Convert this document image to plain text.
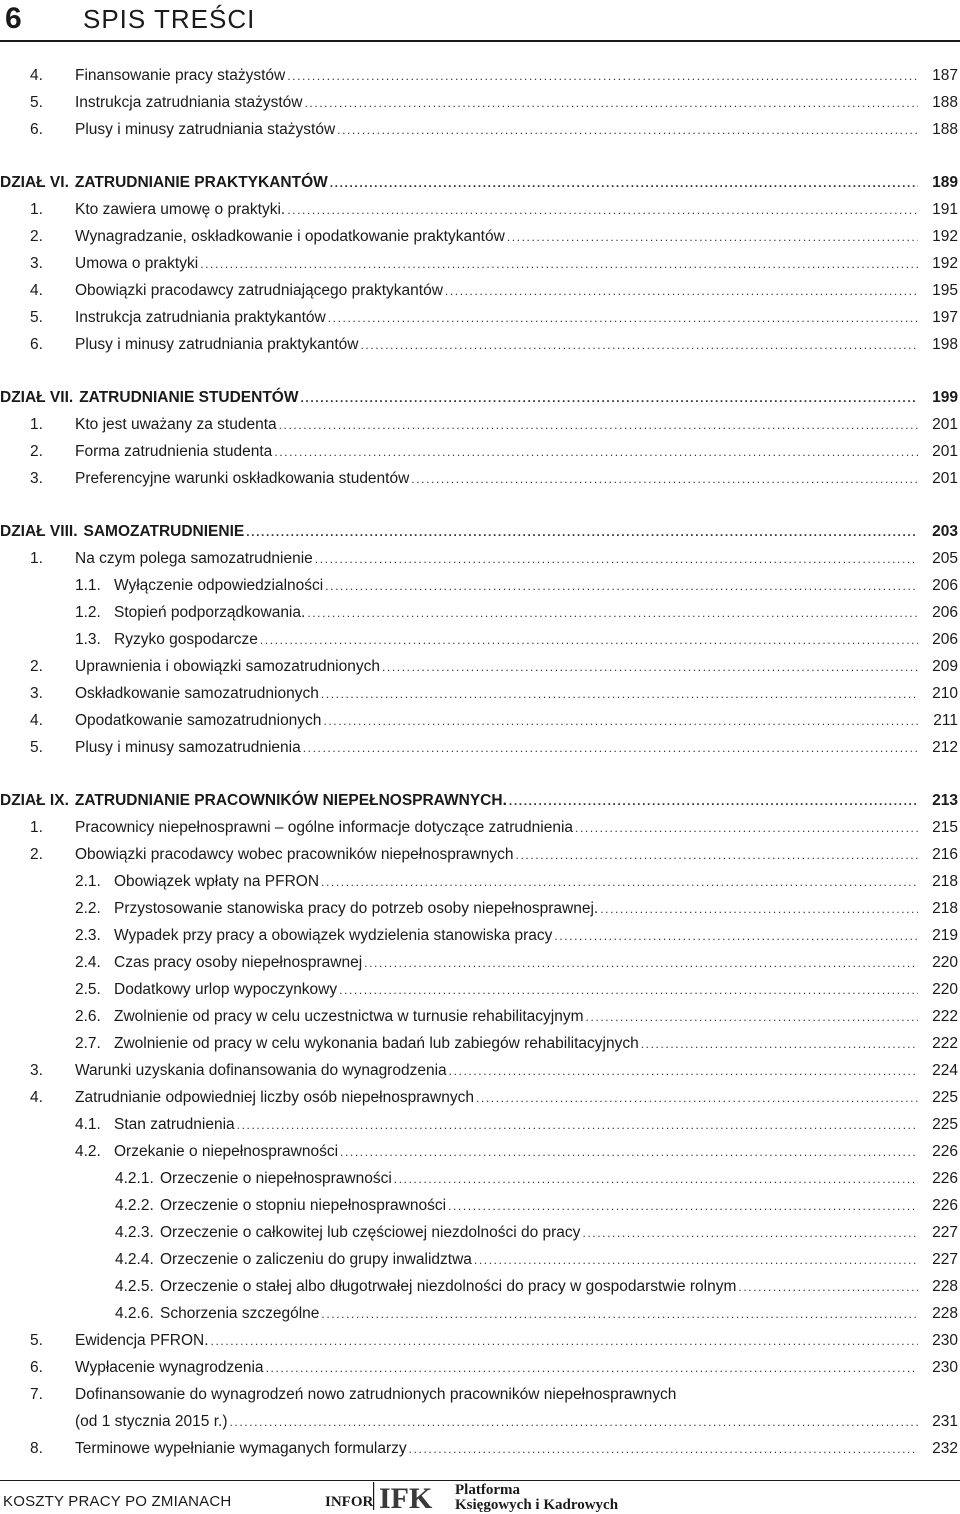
6 SPIS TREŚCI
4.	Finansowanie pracy stażystów .....	187
5.	Instrukcja zatrudniania stażystów .....	188
6.	Plusy i minusy zatrudniania stażystów .....	188
DZIAŁ VI. ZATRUDNIANIE PRAKTYKANTÓW .....	189
1.	Kto zawiera umowę o praktyki. .....	191
2.	Wynagradzanie, oskładkowanie i opodatkowanie praktykantów .....	192
3.	Umowa o praktyki .....	192
4.	Obowiązki pracodawcy zatrudniającego praktykantów .....	195
5.	Instrukcja zatrudniania praktykantów .....	197
6.	Plusy i minusy zatrudniania praktykantów .....	198
DZIAŁ VII. ZATRUDNIANIE STUDENTÓW .....	199
1.	Kto jest uważany za studenta .....	201
2.	Forma zatrudnienia studenta .....	201
3.	Preferencyjne warunki oskładkowania studentów .....	201
DZIAŁ VIII. SAMOZATRUDNIENIE .....	203
1.	Na czym polega samozatrudnienie .....	205
1.1. Wyłączenie odpowiedzialności .....	206
1.2. Stopień podporządkowania. .....	206
1.3. Ryzyko gospodarcze .....	206
2.	Uprawnienia i obowiązki samozatrudnionych .....	209
3.	Oskładkowanie samozatrudnionych .....	210
4.	Opodatkowanie samozatrudnionych .....	211
5.	Plusy i minusy samozatrudnienia .....	212
DZIAŁ IX. ZATRUDNIANIE PRACOWNIKÓW NIEPEŁNOSPRAWNYCH. .....	213
1.	Pracownicy niepełnosprawni – ogólne informacje dotyczące zatrudnienia .....	215
2.	Obowiązki pracodawcy wobec pracowników niepełnosprawnych .....	216
2.1. Obowiązek wpłaty na PFRON .....	218
2.2. Przystosowanie stanowiska pracy do potrzeb osoby niepełnosprawnej. .....	218
2.3. Wypadek przy pracy a obowiązek wydzielenia stanowiska pracy .....	219
2.4. Czas pracy osoby niepełnosprawnej .....	220
2.5. Dodatkowy urlop wypoczynkowy .....	220
2.6. Zwolnienie od pracy w celu uczestnictwa w turnusie rehabilitacyjnym .....	222
2.7. Zwolnienie od pracy w celu wykonania badań lub zabiegów rehabilitacyjnych .....	222
3.	Warunki uzyskania dofinansowania do wynagrodzenia .....	224
4.	Zatrudnianie odpowiedniej liczby osób niepełnosprawnych .....	225
4.1. Stan zatrudnienia .....	225
4.2. Orzekanie o niepełnosprawności .....	226
4.2.1. Orzeczenie o niepełnosprawności .....	226
4.2.2. Orzeczenie o stopniu niepełnosprawności .....	226
4.2.3. Orzeczenie o całkowitej lub częściowej niezdolności do pracy .....	227
4.2.4. Orzeczenie o zaliczeniu do grupy inwalidztwa .....	227
4.2.5. Orzeczenie o stałej albo długotrwałej niezdolności do pracy w gospodarstwie rolnym .....	228
4.2.6. Schorzenia szczególne .....	228
5.	Ewidencja PFRON. .....	230
6.	Wypłacenie wynagrodzenia .....	230
7.	Dofinansowanie do wynagrodzeń nowo zatrudnionych pracowników niepełnosprawnych
(od 1 stycznia 2015 r.) .....	231
8.	Terminowe wypełnianie wymaganych formularzy .....	232
KOSZTY PRACY PO ZMIANACH	INFOR IFK Platforma
Księgowych i Kadrowych
